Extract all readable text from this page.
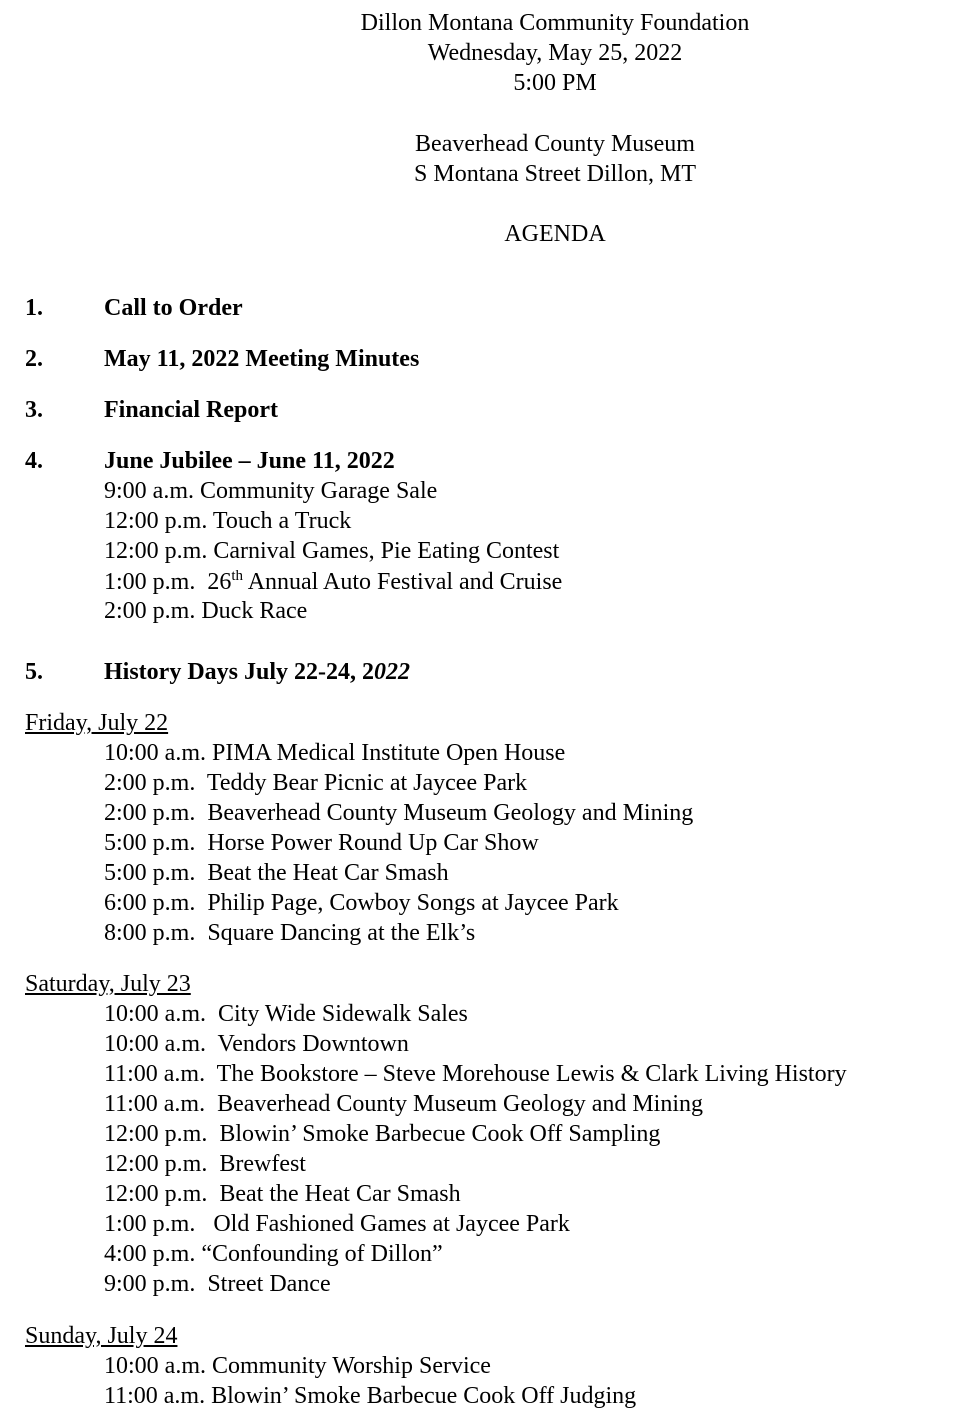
Dillon Montana Community Foundation
Wednesday, May 25, 2022
5:00 PM
Beaverhead County Museum
S Montana Street Dillon, MT
AGENDA
1.	Call to Order
2.	May 11, 2022 Meeting Minutes
3.	Financial Report
4.	June Jubilee – June 11, 2022
9:00 a.m. Community Garage Sale
12:00 p.m. Touch a Truck
12:00 p.m. Carnival Games, Pie Eating Contest
1:00 p.m.  26th Annual Auto Festival and Cruise
2:00 p.m. Duck Race
5.	History Days July 22-24, 2022
Friday, July 22
10:00 a.m. PIMA Medical Institute Open House
2:00 p.m.  Teddy Bear Picnic at Jaycee Park
2:00 p.m.  Beaverhead County Museum Geology and Mining
5:00 p.m.  Horse Power Round Up Car Show
5:00 p.m.  Beat the Heat Car Smash
6:00 p.m.  Philip Page, Cowboy Songs at Jaycee Park
8:00 p.m.  Square Dancing at the Elk’s
Saturday, July 23
10:00 a.m.  City Wide Sidewalk Sales
10:00 a.m.  Vendors Downtown
11:00 a.m.  The Bookstore – Steve Morehouse Lewis & Clark Living History
11:00 a.m.  Beaverhead County Museum Geology and Mining
12:00 p.m.  Blowin’ Smoke Barbecue Cook Off Sampling
12:00 p.m.  Brewfest
12:00 p.m.  Beat the Heat Car Smash
1:00 p.m.   Old Fashioned Games at Jaycee Park
4:00 p.m. “Confounding of Dillon”
9:00 p.m.  Street Dance
Sunday, July 24
10:00 a.m. Community Worship Service
11:00 a.m. Blowin’ Smoke Barbecue Cook Off Judging
